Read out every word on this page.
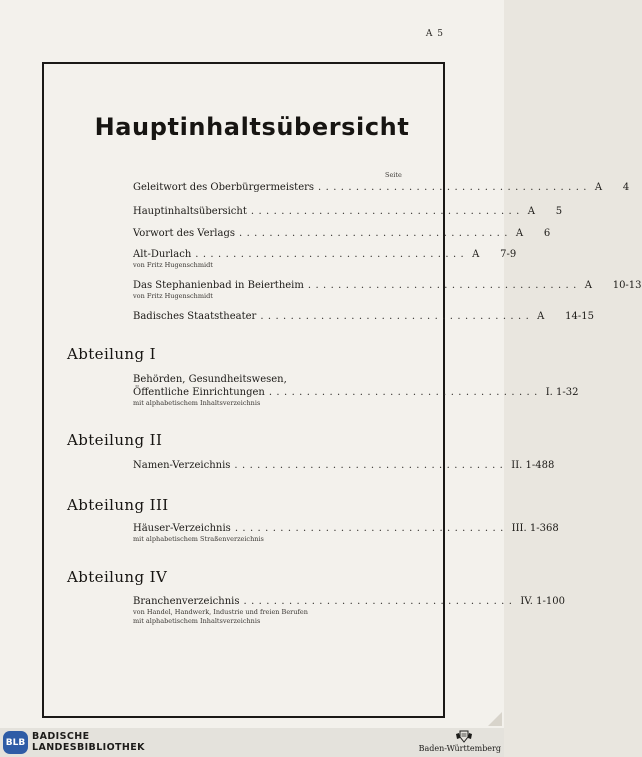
A 5
Hauptinhaltsübersicht
Seite
Geleitwort des Oberbürgermeisters .................................... A	4
Hauptinhaltsübersicht .................................... A	5
Vorwort des Verlags .................................... A	6
Alt-Durlach .................................... A	7-9
von Fritz Hugenschmidt
Das Stephanienbad in Beiertheim .................................... A	10-13
von Fritz Hugenschmidt
Badisches Staatstheater .................................... A	14-15
Abteilung I
Behörden, Gesundheitswesen,
Öffentliche Einrichtungen .................................... I. 1-32
mit alphabetischem Inhaltsverzeichnis
Abteilung II
Namen-Verzeichnis .................................... II. 1-488
Abteilung III
Häuser-Verzeichnis .................................... III. 1-368
mit alphabetischem Straßenverzeichnis
Abteilung IV
Branchenverzeichnis .................................... IV. 1-100
von Handel, Handwerk, Industrie und freien Berufen
mit alphabetischem Inhaltsverzeichnis
BLB
BADISCHE
LANDESBIBLIOTHEK	Baden-Württemberg
